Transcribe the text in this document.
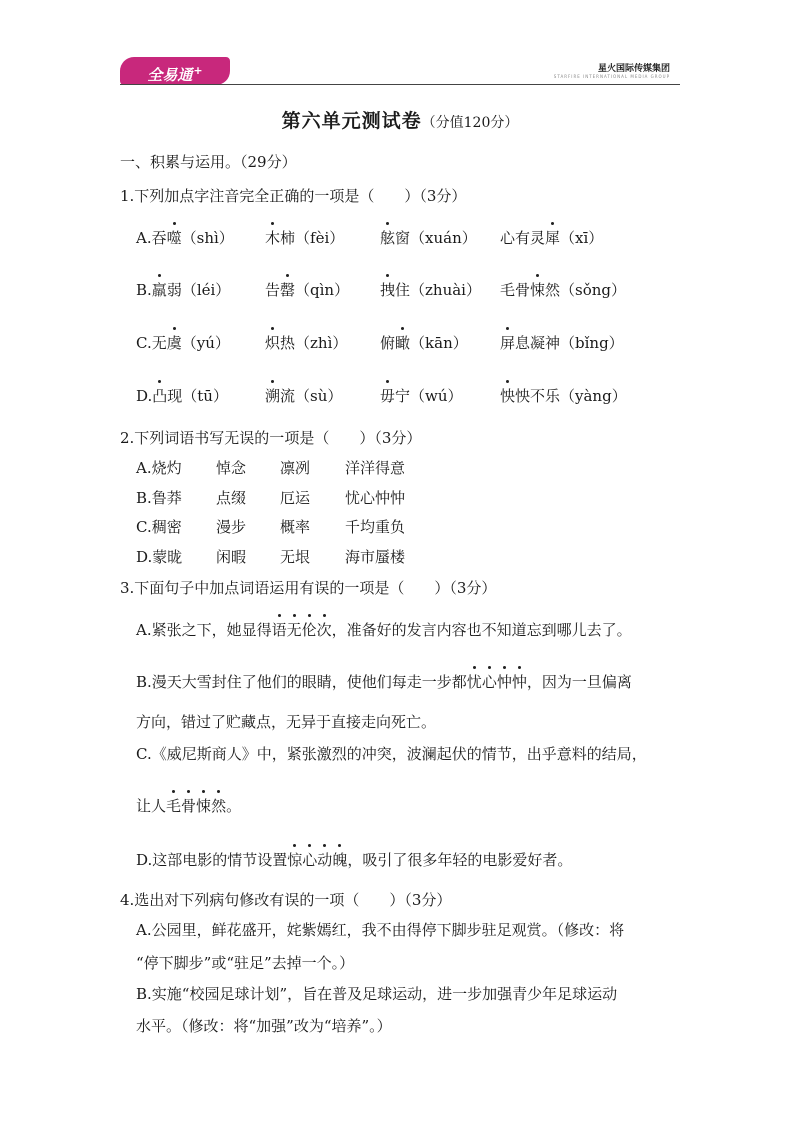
全易通+	星火国际传媒集团
STARFIRE INTERNATIONAL MEDIA GROUP
第六单元测试卷（分值120分）
一、积累与运用。（29分）
1.下列加点字注音完全正确的一项是（　　）（3分）
A.吞噬（shì） 木柿（fèi） 舷窗（xuán） 心有灵犀（xī）
B.羸弱（léi） 告罄（qìn） 拽住（zhuài） 毛骨悚然（sǒng）
C.无虞（yú） 炽热（zhì） 俯瞰（kān） 屏息凝神（bǐng）
D.凸现（tū） 溯流（sù）	毋宁（wú） 怏怏不乐（yàng）
2.下列词语书写无误的一项是（　　）（3分）
A.烧灼 悼念 凛冽 洋洋得意
B.鲁莽 点缀 厄运 忧心忡忡
C.稠密 漫步 概率 千均重负
D.蒙昽 闲暇 无垠 海市蜃楼
3.下面句子中加点词语运用有误的一项是（　　）（3分）
A.紧张之下，她显得语无伦次，准备好的发言内容也不知道忘到哪儿去了。
B.漫天大雪封住了他们的眼睛，使他们每走一步都忧心忡忡，因为一旦偏离
方向，错过了贮藏点，无异于直接走向死亡。
C.《威尼斯商人》中，紧张激烈的冲突，波澜起伏的情节，出乎意料的结局，
让人毛骨悚然。
D.这部电影的情节设置惊心动魄，吸引了很多年轻的电影爱好者。
4.选出对下列病句修改有误的一项（　　）（3分）
A.公园里，鲜花盛开，姹紫嫣红，我不由得停下脚步驻足观赏。（修改：将
“停下脚步”或“驻足”去掉一个。）
B.实施“校园足球计划”，旨在普及足球运动，进一步加强青少年足球运动
水平。（修改：将“加强”改为“培养”。）
